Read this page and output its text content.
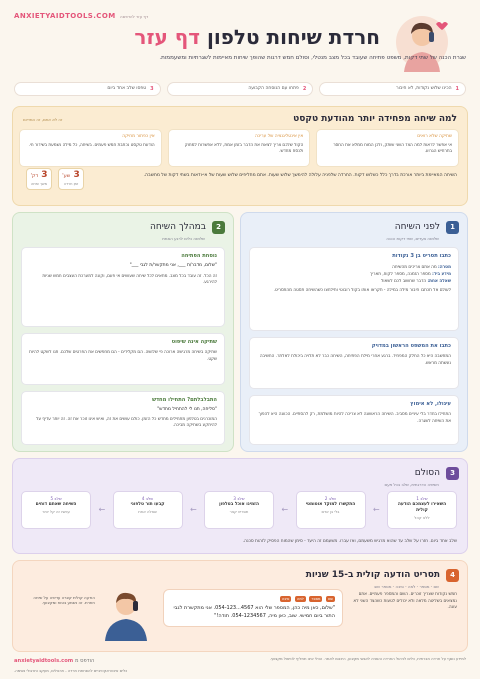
ANXIETYAIDTOOLS.COM דף עזר להדפסה
חרדת שיחות טלפון דף עזר
שגרת הכנה של שתי דקות, משפט פתיחה שעובד בכל מצב מנטלי, וסולם חמש דרגות שהופך שיחות מאיימות לשגרתיות ומשעממות.
1
הכינו שלוש נקודות, לא חיבור
2
פתחו עם הנוסחה הקבועה
3
טפסו שלב אחד ביום
למה שיחה מפחידה יותר מהודעת טקסט
זה לא אתם, זה המדיום
שתיקה שלא רואים
אי אפשר לראות למה הצד השני שותק, ולכן המוח ממלא את החסר בתרחיש הגרוע.
אין אינטליגנציה של עריכה
הקול שלכם צריך לצאת את הדבר בזמן אמת, ללא אפשרות למחוק ולנסח מחדש.
אין כפתור מחיקה
הודעת טקסט נכתבת חמש פעמים. בשיחה, כל מילה נשמעת בשידור חי.
השיחה המאיימת ביותר אורכת בדרך כלל כשלוש דקות. החרדה שלפניה עלולה להימשך שלוש שעות. אתם מחליפים שלוש שעות של אי-ודאות בשתי דקות של מחשבה.
3 דק'
משך שיחה
3 שע'
זמן חרדה
1
לפני השיחה
שלושה צעדים, שתי דקות הכנה
כתבו תסריט בן 3 נקודות
מטרה: מה אתם צריכים מהשיחה
מידע ביד: מספר הזמנה, מספר לקוח, תאריך
שאלה אחת: הדבר שחשוב לכם לשאול
לעולם אל תכתבו חיבור מילה במילה - תקראו אותו בקול רובוטי ותילחצו כשהשיחה תסטה מהתסריט.
כתבו את המשפט הראשון במדויק
המחשבה היא כל החלק המפחיד. ברגע אחרי מילת הפתיחה, השיחה כבר לא תלויה ביכולת לאלתר. החשיבה נעשתה מראש.
עיגולו, לא אימוץ
התחילו בחדר בלי עיניים מסביב. השיחה הראשונה לא צריכה להיות מושלמת, רק להסתיים. הכוונה היא להפוך את השיחה לשגרה.
2
במהלך השיחה
שלושה כלים לרגע האמת
נוסחת הפתיחה
"שלום, מדבר/ת ___, אני מתקשר/ת לגבי ___"
זה הכל. זה עובד בכל מצב. מתאים לכל שיחה שעושים אי פעם, וקונה למערכת העצבים חמש שניות להירגע.
שתיקה אינה שיפוט
שתיקה בשיחה מרגישה ארוכה פי שלושה. הם מקלידים - הם מחפשים את הפרטים שלכם. תנו לשקט להיות שקט.
התבלבלתם? התחילו מחדש
"סליחה, תנו לי להתחיל מחדש"
המוכרנים בטלפון מתחילים מחדש כל הזמן. כולם עושים את זה, ואיש אינו זוכר את זה. זה יותר עדיף על להיתקע בשתיקה מביכה.
3
הסולם
חשיפה הדרגתית, שלב בכל פעם
שלב 1
השאירו לעצמכם הודעה קולית
ללא קהל
←
שלב 2
התקשרו למוקד אוטומטי
בלי בן אדם
←
שלב 3
הזמינו אוכל בטלפון
תסריט קצר
←
שלב 4
קבעו תור טלפוני
שאלה אחת
←
שלב 5
השיחה שאתם דוחים
עכשיו זה קל יותר
שלב אחד ביום. חזרו על שלב עד שהוא מרגיש משעמם, ואז עברו. משעמם זה היעד - סימן שהמוח הפסיק לזהות סכנה.
4
תסריט הודעה קולית ב-15 שניות
שם - מספר - למה - סיבה - מספר שוב
חמש נקודות שצריך זוכרים. השם והמספר פעמיים. אתם נמצאים בשליטה מלאה ולא יכולים לטעות כשהצד השני לא עונה.
שם מספר למה סיבה
"שלום, כאן מיה כהן, המספר שלי הוא 4567...054-123. אני מתקשרת לגבי התור ביום חמישי. שוב, כאן מיה, 054-1234567. תודה!"
הודעה קולית קצרה עדיפה על שיחה חוזרת. זה נשמע בטוח ומקצועי.
anxietyaidtools.com הודפס מ	למידע נוסף על חרדה חברתית, כלים לניהול החרדה והפניה לאנשי מקצוע, היכנסו לאתר. הכלי אינו תחליף לטיפול מקצועי.
כלים אינטראקטיביים להפחתת חרדה - תרגולים, מעקב ותרגולי נשימה.
